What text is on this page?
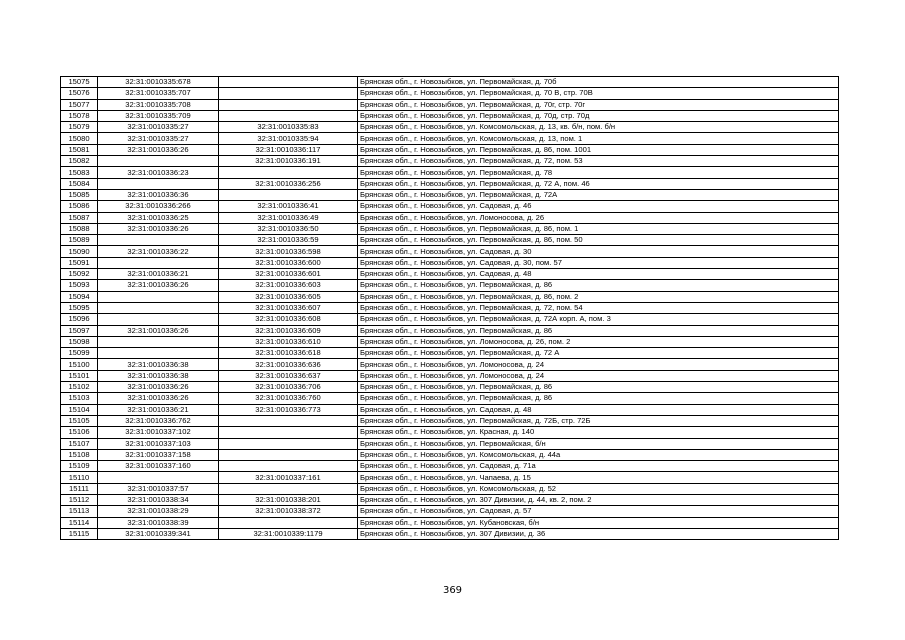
15075	32:31:0010335:678		Брянская обл., г. Новозыбков, ул. Первомайская, д. 70б
15076	32:31:0010335:707		Брянская обл., г. Новозыбков, ул. Первомайская, д. 70 В, стр. 70В
15077	32:31:0010335:708		Брянская обл., г. Новозыбков, ул. Первомайская, д. 70г, стр. 70г
15078	32:31:0010335:709		Брянская обл., г. Новозыбков, ул. Первомайская, д. 70д, стр. 70д
15079	32:31:0010335:27	32:31:0010335:83	Брянская обл., г. Новозыбков, ул. Комсомольская, д. 13, кв. б/н, пом. б/н
15080	32:31:0010335:27	32:31:0010335:94	Брянская обл., г. Новозыбков, ул. Комсомольская, д. 13, пом. 1
15081	32:31:0010336:26	32:31:0010336:117	Брянская обл., г. Новозыбков, ул. Первомайская, д. 86, пом. 1001
15082		32:31:0010336:191	Брянская обл., г. Новозыбков, ул. Первомайская, д. 72, пом. 53
15083	32:31:0010336:23		Брянская обл., г. Новозыбков, ул. Первомайская, д. 78
15084		32:31:0010336:256	Брянская обл., г. Новозыбков, ул. Первомайская, д. 72 А, пом. 46
15085	32:31:0010336:36		Брянская обл., г. Новозыбков, ул. Первомайская, д. 72А
15086	32:31:0010336:266	32:31:0010336:41	Брянская обл., г. Новозыбков, ул. Садовая, д. 46
15087	32:31:0010336:25	32:31:0010336:49	Брянская обл., г. Новозыбков, ул. Ломоносова, д. 26
15088	32:31:0010336:26	32:31:0010336:50	Брянская обл., г. Новозыбков, ул. Первомайская, д. 86, пом. 1
15089		32:31:0010336:59	Брянская обл., г. Новозыбков, ул. Первомайская, д. 86, пом. 50
15090	32:31:0010336:22	32:31:0010336:598	Брянская обл., г. Новозыбков, ул. Садовая, д. 30
15091		32:31:0010336:600	Брянская обл., г. Новозыбков, ул. Садовая, д. 30, пом. 57
15092	32:31:0010336:21	32:31:0010336:601	Брянская обл., г. Новозыбков, ул. Садовая, д. 48
15093	32:31:0010336:26	32:31:0010336:603	Брянская обл., г. Новозыбков, ул. Первомайская, д. 86
15094		32:31:0010336:605	Брянская обл., г. Новозыбков, ул. Первомайская, д. 86, пом. 2
15095		32:31:0010336:607	Брянская обл., г. Новозыбков, ул. Первомайская, д. 72, пом. 54
15096		32:31:0010336:608	Брянская обл., г. Новозыбков, ул. Первомайская, д. 72А корп. А, пом. 3
15097	32:31:0010336:26	32:31:0010336:609	Брянская обл., г. Новозыбков, ул. Первомайская, д. 86
15098		32:31:0010336:610	Брянская обл., г. Новозыбков, ул. Ломоносова, д. 26, пом. 2
15099		32:31:0010336:618	Брянская обл., г. Новозыбков, ул. Первомайская, д. 72 А
15100	32:31:0010336:38	32:31:0010336:636	Брянская обл., г. Новозыбков, ул. Ломоносова, д. 24
15101	32:31:0010336:38	32:31:0010336:637	Брянская обл., г. Новозыбков, ул. Ломоносова, д. 24
15102	32:31:0010336:26	32:31:0010336:706	Брянская обл., г. Новозыбков, ул. Первомайская, д. 86
15103	32:31:0010336:26	32:31:0010336:760	Брянская обл., г. Новозыбков, ул. Первомайская, д. 86
15104	32:31:0010336:21	32:31:0010336:773	Брянская обл., г. Новозыбков, ул. Садовая, д. 48
15105	32:31:0010336:762		Брянская обл., г. Новозыбков, ул. Первомайская, д. 72Б, стр. 72Б
15106	32:31:0010337:102		Брянская обл., г. Новозыбков, ул. Красная, д. 140
15107	32:31:0010337:103		Брянская обл., г. Новозыбков, ул. Первомайская, б/н
15108	32:31:0010337:158		Брянская обл., г. Новозыбков, ул. Комсомольская, д. 44а
15109	32:31:0010337:160		Брянская обл., г. Новозыбков, ул. Садовая, д. 71а
15110		32:31:0010337:161	Брянская обл., г. Новозыбков, ул. Чапаева, д. 15
15111	32:31:0010337:57		Брянская обл., г. Новозыбков, ул. Комсомольская, д. 52
15112	32:31:0010338:34	32:31:0010338:201	Брянская обл., г. Новозыбков, ул. 307 Дивизии, д. 44, кв. 2, пом. 2
15113	32:31:0010338:29	32:31:0010338:372	Брянская обл., г. Новозыбков, ул. Садовая, д. 57
15114	32:31:0010338:39		Брянская обл., г. Новозыбков, ул. Кубановская, б/н
15115	32:31:0010339:341	32:31:0010339:1179	Брянская обл., г. Новозыбков, ул. 307 Дивизии, д. 36
369
